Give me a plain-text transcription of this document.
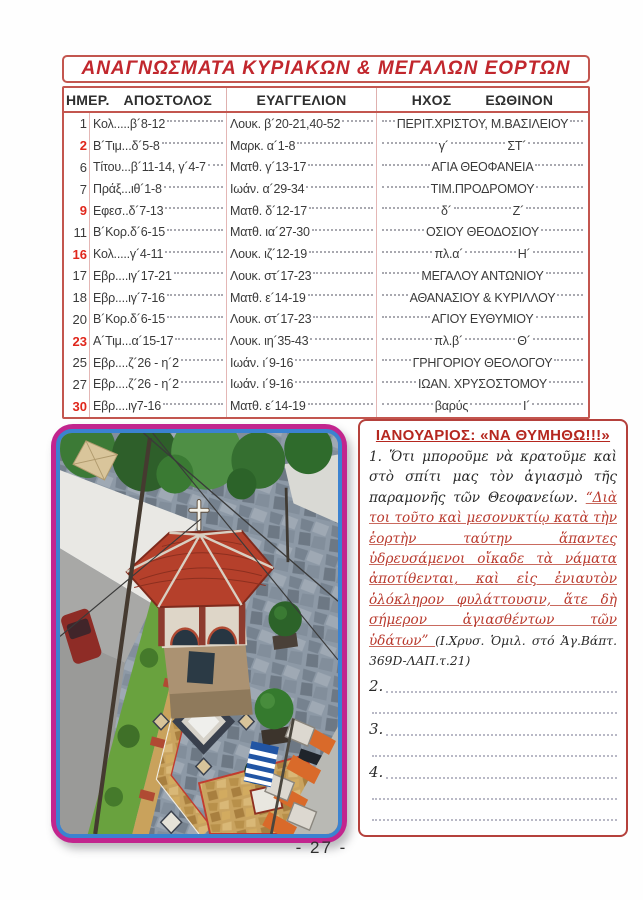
ΑΝΑΓΝΩΣΜΑΤΑ ΚΥΡΙΑΚΩΝ & ΜΕΓΑΛΩΝ ΕΟΡΤΩΝ
ΗΜΕΡ. ΑΠΟΣΤΟΛΟΣ	ΕΥΑΓΓΕΛΙΟΝ	ΗΧΟΣ ΕΩΘΙΝΟΝ
1 Κολ.....β´8-12	Λουκ. β´20-21,40-52	ΠΕΡΙΤ.ΧΡΙΣΤΟΥ, Μ.ΒΑΣΙΛΕΙΟΥ
2 Β´Τιμ...δ´5-8	Μαρκ. α´1-8	γ´	ΣΤ´
6 Τίτου...β´11-14, γ´4-7 Ματθ. γ´13-17	ΑΓΙΑ ΘΕΟΦΑΝΕΙΑ
7 Πράξ...ιθ´1-8	Ιωάν. α´29-34	ΤΙΜ.ΠΡΟΔΡΟΜΟΥ
9 Εφεσ..δ´7-13	Ματθ. δ´12-17	δ´	Ζ´
11 Β´Κορ.δ´6-15	Ματθ. ια´27-30	ΟΣΙΟΥ ΘΕΟΔΟΣΙΟΥ
16 Κολ.....γ´4-11	Λουκ. ιζ´12-19	πλ.α´	Η´
17 Εβρ....ιγ´17-21	Λουκ. στ´17-23	ΜΕΓΑΛΟΥ ΑΝΤΩΝΙΟΥ
18 Εβρ....ιγ´7-16	Ματθ. ε´14-19	ΑΘΑΝΑΣΙΟΥ & ΚΥΡΙΛΛΟΥ
20 Β´Κορ.δ´6-15	Λουκ. στ´17-23	ΑΓΙΟΥ ΕΥΘΥΜΙΟΥ
23 Α´Τιμ...α´15-17	Λουκ. ιη´35-43	πλ.β´	Θ´
25 Εβρ....ζ´26 - η´2	Ιωάν. ι´9-16	ΓΡΗΓΟΡΙΟΥ ΘΕΟΛΟΓΟΥ
27 Εβρ....ζ´26 - η´2	Ιωάν. ι´9-16	ΙΩΑΝ. ΧΡΥΣΟΣΤΟΜΟΥ
30 Εβρ....ιγ7-16	Ματθ. ε´14-19	βαρύς	Ι´
ΙΑΝΟΥΑΡΙΟΣ: «ΝΑ ΘΥΜΗΘΩ!!!»
1. Ὅτι μποροῦμε νὰ κρατοῦμε καὶ στὸ σπίτι μας τὸν ἁγιασμὸ τῆς παραμονῆς τῶν Θεοφανείων. “Διὰ τοι τοῦτο καὶ μεσονυκτίῳ κατὰ τὴν ἑορτὴν ταύτην ἅπαντες ὑδρευσάμενοι οἴκαδε τὰ νάματα ἀποτίθενται, καὶ εἰς ἐνιαυτὸν ὁλόκληρον φυλάττουσιν, ἅτε δὴ σήμερον ἁγιασθέντων τῶν ὑδάτων” (Ι.Χρυσ. Ὁμιλ. στό Ἁγ.Βάπτ. 369D-ΛΑΠ.τ.21)
2.
3.
4.
- 27 -
